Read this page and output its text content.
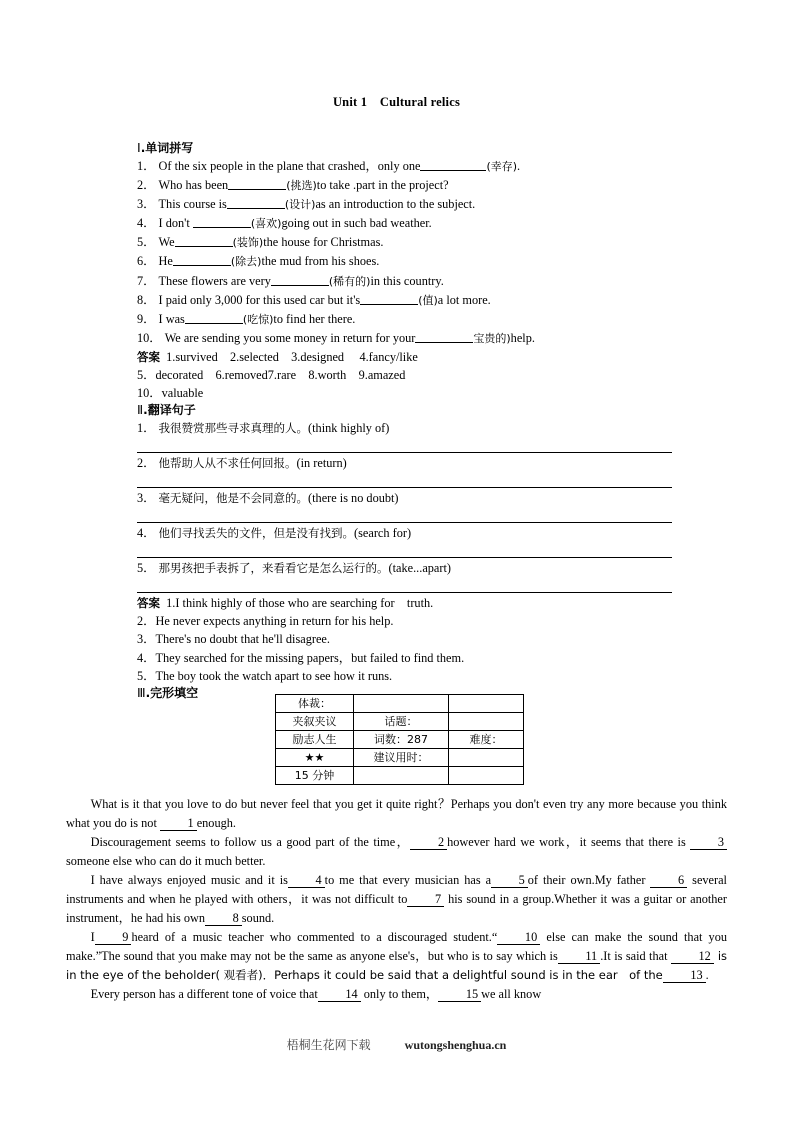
Unit 1 Cultural relics
Ⅰ.单词拼写
1． Of the six people in the plane that crashed，only one	(幸存).
2． Who has been	(挑选)to take .part in the project?
3． This course is	(设计)as an introduction to the subject.
4． I don't	(喜欢)going out in such bad weather.
5． We	(装饰)the house for Christmas.
6． He	(除去)the mud from his shoes.
7． These flowers are very	(稀有的)in this country.
8． I paid only 3,000 for this used car but it's	(值)a lot more.
9． I was	(吃惊)to find her there.
10． We are sending you some money in return for your	宝贵的)help.
答案 1.survived　2.selected　3.designed　 4.fancy/like
5．decorated　6.removed7.rare　8.worth　9.amazed
10．valuable
Ⅱ.翻译句子
1． 我很赞赏那些寻求真理的人。(think highly of)
2． 他帮助人从不求任何回报。(in return)
3． 毫无疑问，他是不会同意的。(there is no doubt)
4． 他们寻找丢失的文件，但是没有找到。(search for)
5． 那男孩把手表拆了，来看看它是怎么运行的。(take...apart)
答案 1.I think highly of those who are searching for　truth.
2．He never expects anything in return for his help.
3．There's no doubt that he'll disagree.
4．They searched for the missing papers，but failed to find them.
5．The boy took the watch apart to see how it runs.
Ⅲ.完形填空
体裁：		
夹叙夹议	话题：	
励志人生	词数：287	难度：
★★	建议用时：	
15 分钟		

What is it that you love to do but never feel that you get it quite right？Perhaps you don't even try any more because you think what you do is not 1 enough.

Discouragement seems to follow us a good part of the time， 2 however hard we work，it seems that there is 3 someone else who can do it much better.

I have always enjoyed music and it is 4 to me that every musician has a 5 of their own.My father 6 several instruments and when he played with others，it was not difficult to 7 his sound in a group.Whether it was a guitar or another instrument，he had his own 8 sound.

I 9 heard of a music teacher who commented to a discouraged student.“ 10 else can make the sound that you make.”The sound that you make may not be the same as anyone else's，but who is to say which is 11 .It is said that 12 is in the eye of the beholder( 观看者)．Perhaps it could be said that a delightful sound is in the ear　of the 13 .

Every person has a different tone of voice that 14 only to them， 15 we all know

梧桐生花网下载	wutongshenghua.cn
